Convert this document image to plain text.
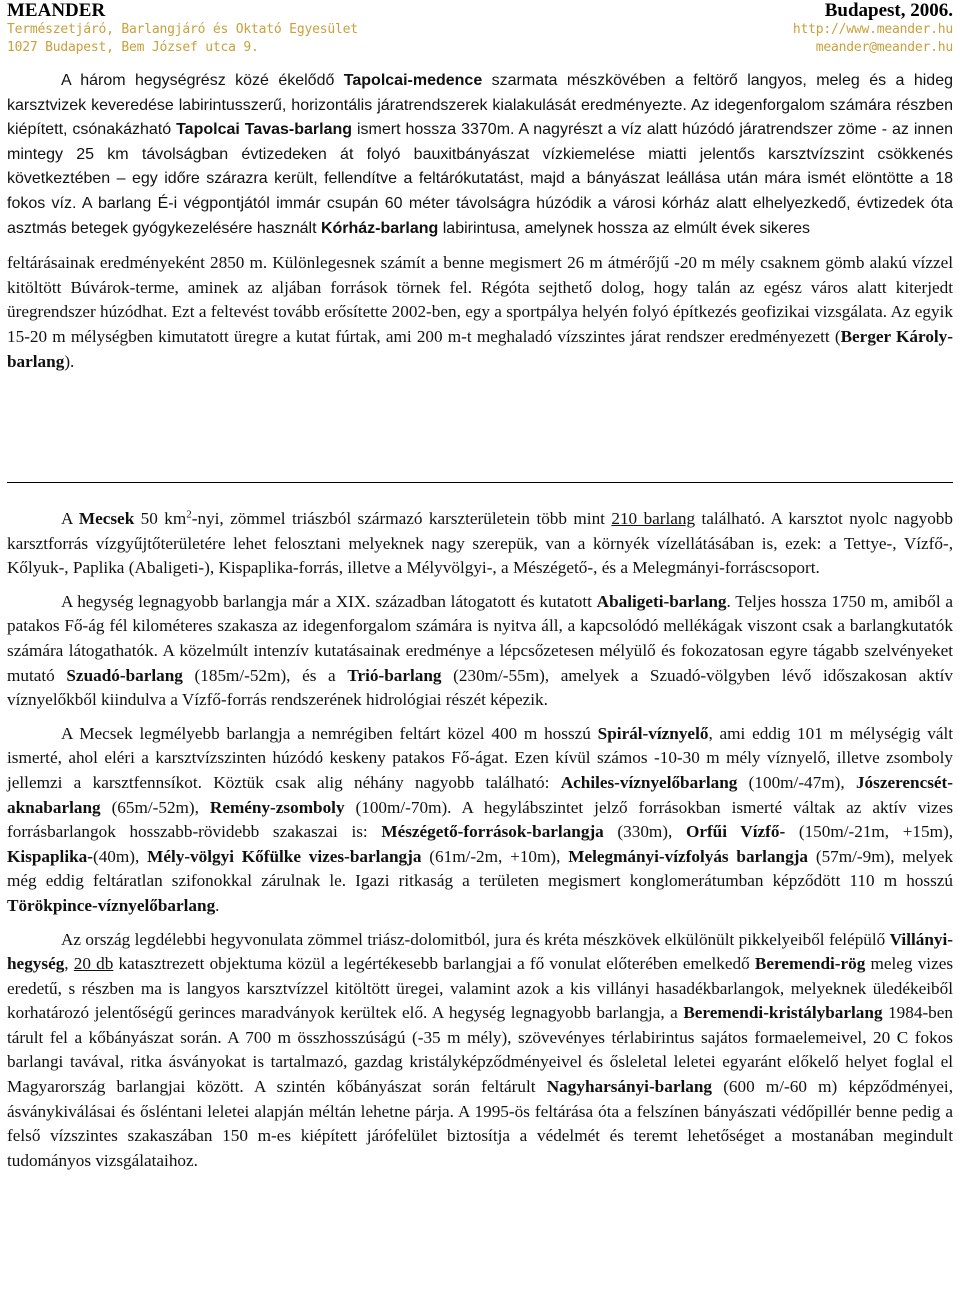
MEANDER
Természetjáró, Barlangjáró és Oktató Egyesület
1027 Budapest, Bem József utca 9.
Budapest, 2006.
http://www.meander.hu
meander@meander.hu

A három hegységrész közé ékelődő Tapolcai-medence szarmata mészkövében a feltörő langyos, meleg és a hideg karsztvizek keveredése labirintusszerű, horizontális járatrendszerek kialakulását eredményezte. Az idegenforgalom számára részben kiépített, csónakázható Tapolcai Tavas-barlang ismert hossza 3370m. A nagyrészt a víz alatt húzódó járatrendszer zöme - az innen mintegy 25 km távolságban évtizedeken át folyó bauxitbányászat vízkiemelése miatti jelentős karsztvízszint csökkenés következtében – egy időre szárazra került, fellendítve a feltárókutatást, majd a bányászat leállása után mára ismét elöntötte a 18 fokos víz. A barlang É-i végpontjától immár csupán 60 méter távolságra húzódik a városi kórház alatt elhelyezkedő, évtizedek óta asztmás betegek gyógykezelésére használt Kórház-barlang labirintusa, amelynek hossza az elmúlt évek sikeres

feltárásainak eredményeként 2850 m. Különlegesnek számít a benne megismert 26 m átmérőjű -20 m mély csaknem gömb alakú vízzel kitöltött Búvárok-terme, aminek az aljában források törnek fel. Régóta sejthető dolog, hogy talán az egész város alatt kiterjedt üregrendszer húzódhat. Ezt a feltevést tovább erősítette 2002-ben, egy a sportpálya helyén folyó építkezés geofizikai vizsgálata. Az egyik 15-20 m mélységben kimutatott üregre a kutat fúrtak, ami 200 m-t meghaladó vízszintes járat rendszer eredményezett (Berger Károly-barlang).

A Mecsek 50 $km^2$-nyi, zömmel triászból származó karszterületein több mint 210 barlang található. A karsztot nyolc nagyobb karsztforrás vízgyűjtőterületére lehet felosztani melyeknek nagy szerepük, van a környék vízellátásában is, ezek: a Tettye-, Vízfő-, Kőlyuk-, Paplika (Abaligeti-), Kispaplika-forrás, illetve a Mélyvölgyi-, a Mészégető-, és a Melegmányi-forráscsoport.

A hegység legnagyobb barlangja már a XIX. században látogatott és kutatott Abaligeti-barlang. Teljes hossza 1750 m, amiből a patakos Fő-ág fél kilométeres szakasza az idegenforgalom számára is nyitva áll, a kapcsolódó mellékágak viszont csak a barlangkutatók számára látogathatók. A közelmúlt intenzív kutatásainak eredménye a lépcsőzetesen mélyülő és fokozatosan egyre tágabb szelvényeket mutató Szuadó-barlang (185m/-52m), és a Trió-barlang (230m/-55m), amelyek a Szuadó-völgyben lévő időszakosan aktív víznyelőkből kiindulva a Vízfő-forrás rendszerének hidrológiai részét képezik.

A Mecsek legmélyebb barlangja a nemrégiben feltárt közel 400 m hosszú Spirál-víznyelő, ami eddig 101 m mélységig vált ismerté, ahol eléri a karsztvízszinten húzódó keskeny patakos Fő-ágat. Ezen kívül számos -10-30 m mély víznyelő, illetve zsomboly jellemzi a karsztfennsíkot. Köztük csak alig néhány nagyobb található: Achiles-víznyelőbarlang (100m/-47m), Jószerencsét-aknabarlang (65m/-52m), Remény-zsomboly (100m/-70m). A hegylábszintet jelző forrásokban ismerté váltak az aktív vizes forrásbarlangok hosszabb-rövidebb szakaszai is: Mészégető-források-barlangja (330m), Orfűi Vízfő- (150m/-21m, +15m), Kispaplika-(40m), Mély-völgyi Kőfülke vizes-barlangja (61m/-2m, +10m), Melegmányi-vízfolyás barlangja (57m/-9m), melyek még eddig feltáratlan szifonokkal zárulnak le. Igazi ritkaság a területen megismert konglomerátumban képződött 110 m hosszú Törökpince-víznyelőbarlang.

Az ország legdélebbi hegyvonulata zömmel triász-dolomitból, jura és kréta mészkövek elkülönült pikkelyeiből felépülő Villányi-hegység, 20 db katasztrezett objektuma közül a legértékesebb barlangjai a fő vonulat előterében emelkedő Beremendi-rög meleg vizes eredetű, s részben ma is langyos karsztvízzel kitöltött üregei, valamint azok a kis villányi hasadékbarlangok, melyeknek üledékeiből korhatározó jelentőségű gerinces maradványok kerültek elő. A hegység legnagyobb barlangja, a Beremendi-kristálybarlang 1984-ben tárult fel a kőbányászat során. A 700 m összhosszúságú (-35 m mély), szövevényes térlabirintus sajátos formaelemeivel, 20 C fokos barlangi tavával, ritka ásványokat is tartalmazó, gazdag kristályképződményeivel és ősleletal leletei egyaránt előkelő helyet foglal el Magyarország barlangjai között. A szintén kőbányászat során feltárult Nagyharsányi-barlang (600 m/-60 m) képződményei, ásványkiválásai és ősléntani leletei alapján méltán lehetne párja. A 1995-ös feltárása óta a felszínen bányászati védőpillér benne pedig a felső vízszintes szakaszában 150 m-es kiépített járófelület biztosítja a védelmét és teremt lehetőséget a mostanában megindult tudományos vizsgálataihoz.
